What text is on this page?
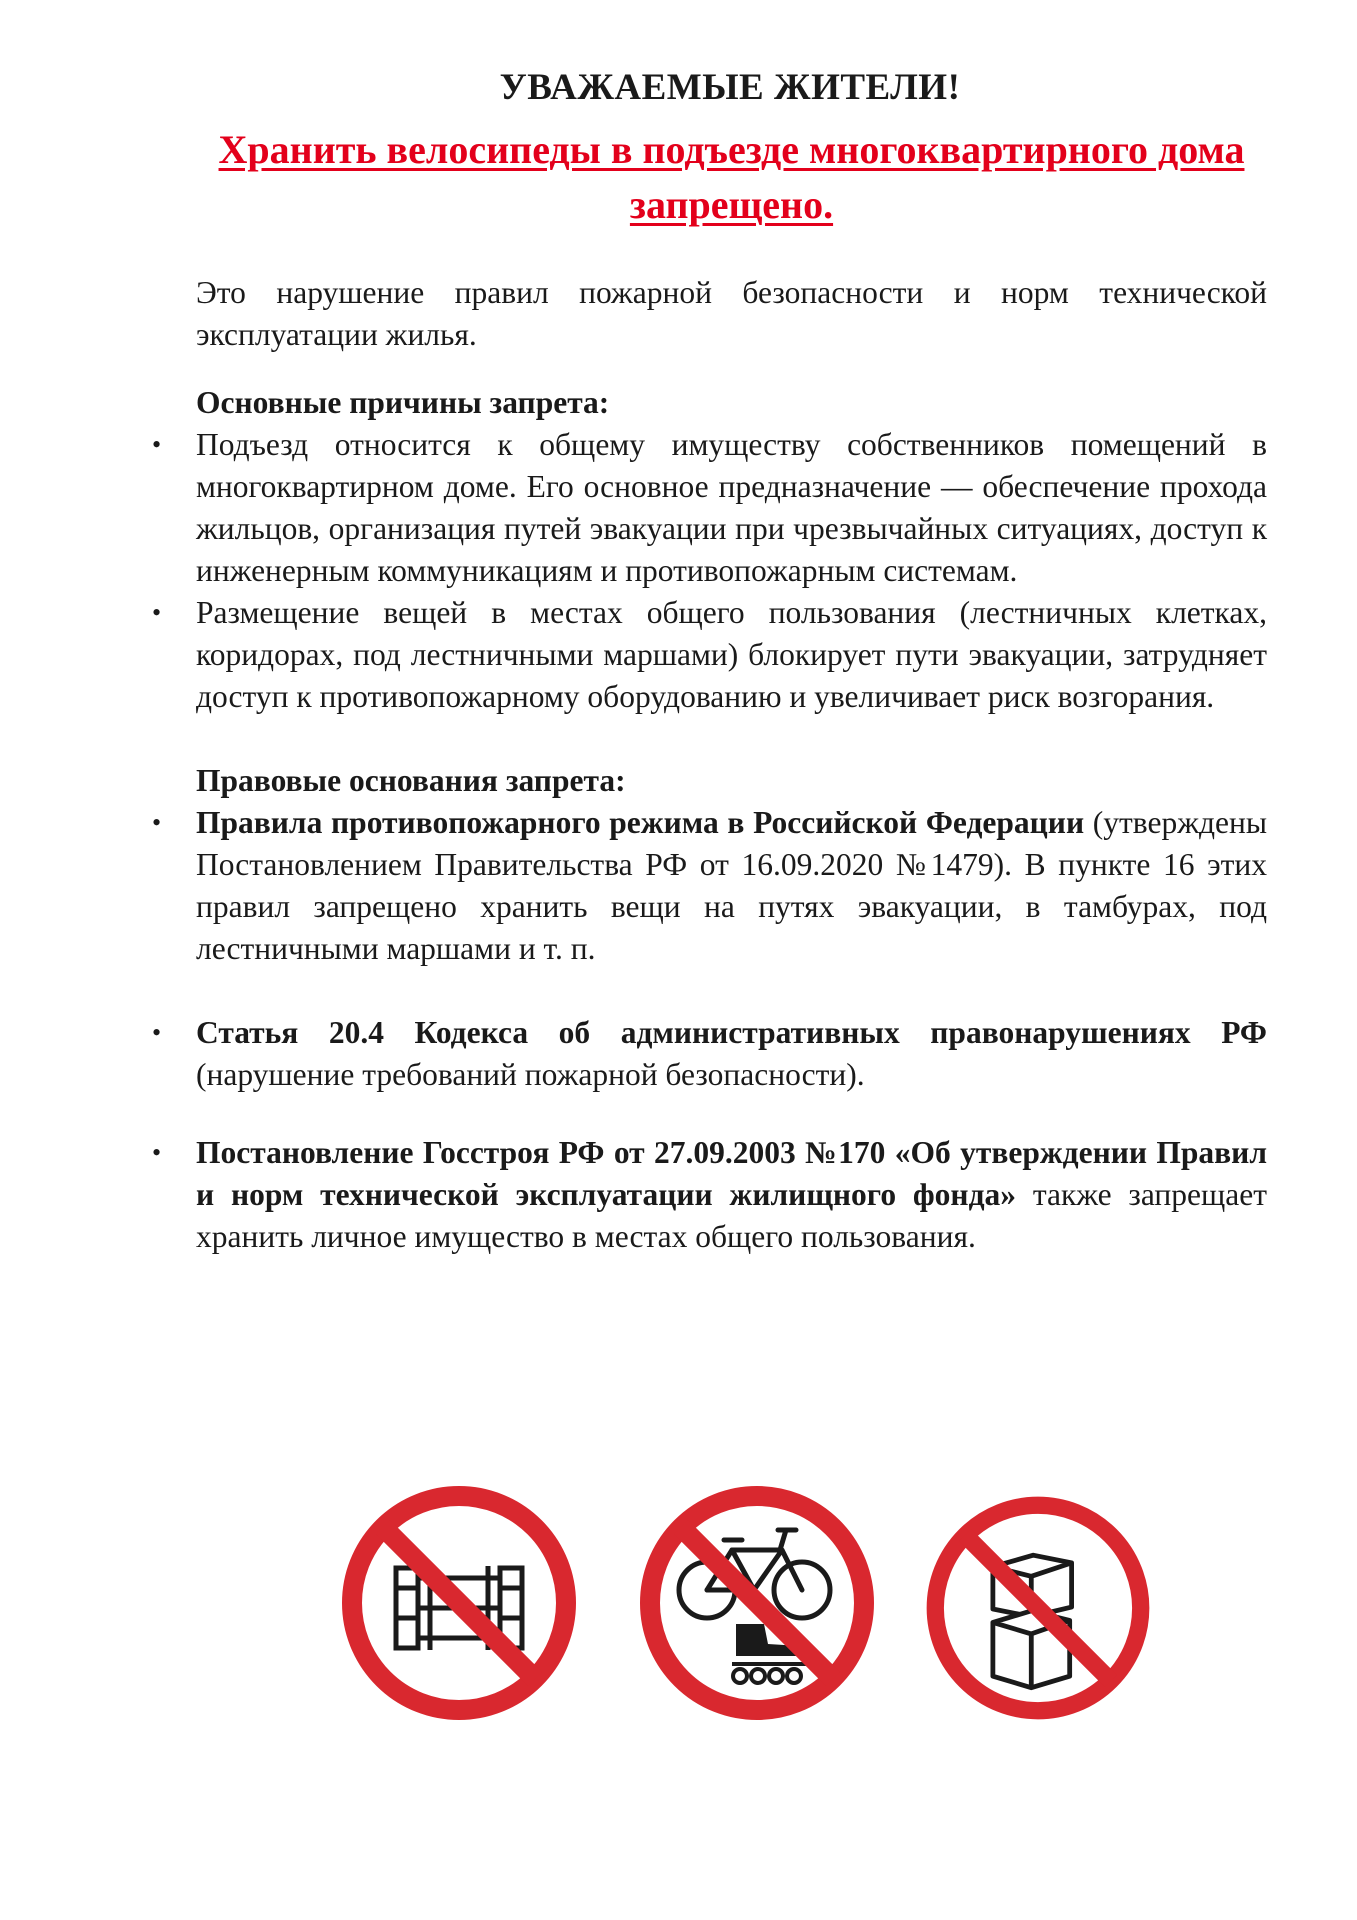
УВАЖАЕМЫЕ ЖИТЕЛИ!
Хранить велосипеды в подъезде многоквартирного дома запрещено.

Это нарушение правил пожарной безопасности и норм технической эксплуатации жилья.

Основные причины запрета:

• Подъезд относится к общему имуществу собственников помещений в многоквартирном доме. Его основное предназначение — обеспечение прохода жильцов, организация путей эвакуации при чрезвычайных ситуациях, доступ к инженерным коммуникациям и противопожарным системам.
• Размещение вещей в местах общего пользования (лестничных клетках, коридорах, под лестничными маршами) блокирует пути эвакуации, затрудняет доступ к противопожарному оборудованию и увеличивает риск возгорания.

Правовые основания запрета:

• Правила противопожарного режима в Российской Федерации (утверждены Постановлением Правительства РФ от 16.09.2020 №1479). В пункте 16 этих правил запрещено хранить вещи на путях эвакуации, в тамбурах, под лестничными маршами и т. п.
• Статья 20.4 Кодекса об административных правонарушениях РФ (нарушение требований пожарной безопасности).
• Постановление Госстроя РФ от 27.09.2003 №170 «Об утверждении Правил и норм технической эксплуатации жилищного фонда» также запрещает хранить личное имущество в местах общего пользования.
